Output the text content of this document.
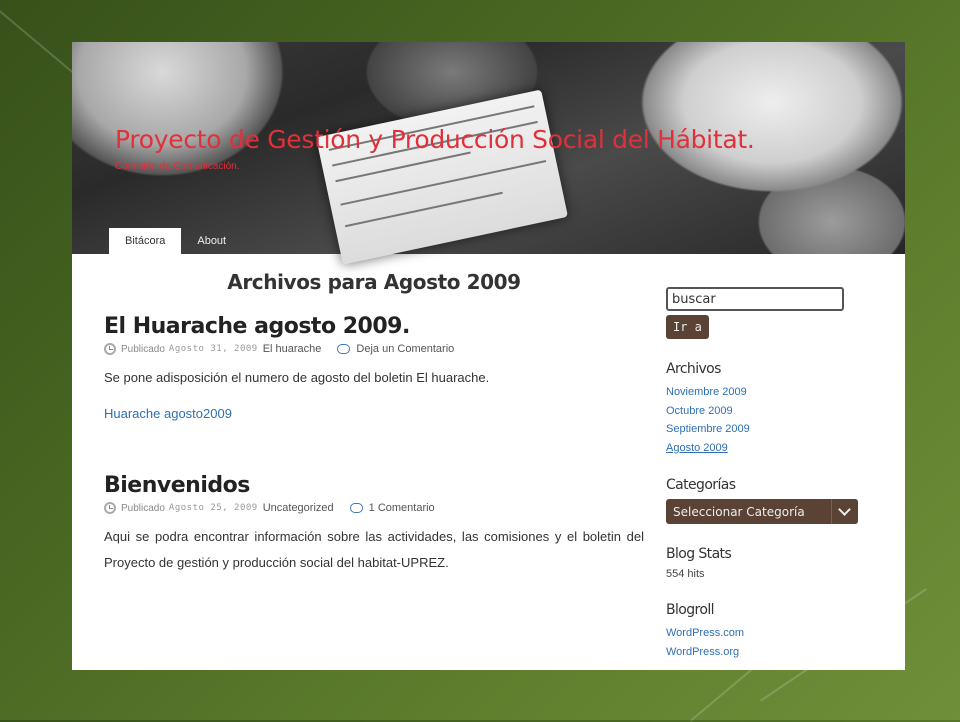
Proyecto de Gestión y Producción Social del Hábitat.

Comisión de Comunicación.

Bitácora	About
Archivos para Agosto 2009
El Huarache agosto 2009.
Publicado Agosto 31, 2009 El huarache	Deja un Comentario

Se pone adisposición el numero de agosto del boletin El huarache.

Huarache agosto2009

Bienvenidos
Publicado Agosto 25, 2009 Uncategorized	1 Comentario

Aqui se podra encontrar información sobre las actividades, las comisiones y el boletin del Proyecto de gestión y producción social del habitat-UPREZ.

buscar
Ir a
Archivos
Noviembre 2009
Octubre 2009
Septiembre 2009
Agosto 2009
Categorías
Seleccionar Categoría
Blog Stats
554 hits
Blogroll
WordPress.com
WordPress.org
